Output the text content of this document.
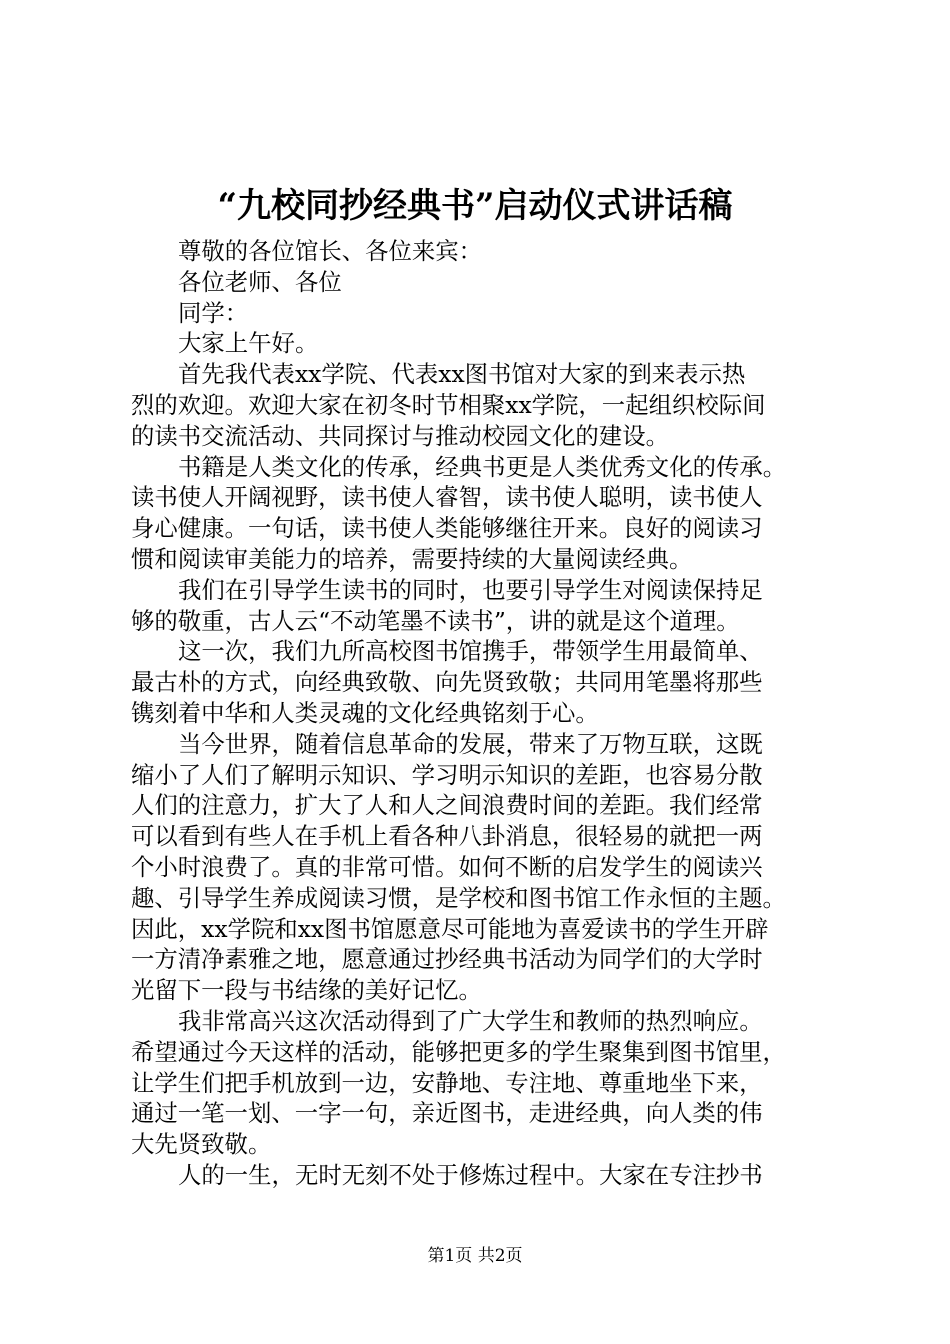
“九校同抄经典书”启动仪式讲话稿
尊敬的各位馆长、各位来宾：
各位老师、各位
同学：
大家上午好。
首先我代表xx学院、代表xx图书馆对大家的到来表示热
烈的欢迎。欢迎大家在初冬时节相聚xx学院，一起组织校际间
的读书交流活动、共同探讨与推动校园文化的建设。
书籍是人类文化的传承，经典书更是人类优秀文化的传承。
读书使人开阔视野，读书使人睿智，读书使人聪明，读书使人
身心健康。一句话，读书使人类能够继往开来。良好的阅读习
惯和阅读审美能力的培养，需要持续的大量阅读经典。
我们在引导学生读书的同时，也要引导学生对阅读保持足
够的敬重，古人云“不动笔墨不读书”，讲的就是这个道理。
这一次，我们九所高校图书馆携手，带领学生用最简单、
最古朴的方式，向经典致敬、向先贤致敬；共同用笔墨将那些
镌刻着中华和人类灵魂的文化经典铭刻于心。
当今世界，随着信息革命的发展，带来了万物互联，这既
缩小了人们了解明示知识、学习明示知识的差距，也容易分散
人们的注意力，扩大了人和人之间浪费时间的差距。我们经常
可以看到有些人在手机上看各种八卦消息，很轻易的就把一两
个小时浪费了。真的非常可惜。如何不断的启发学生的阅读兴
趣、引导学生养成阅读习惯，是学校和图书馆工作永恒的主题。
因此，xx学院和xx图书馆愿意尽可能地为喜爱读书的学生开辟
一方清净素雅之地，愿意通过抄经典书活动为同学们的大学时
光留下一段与书结缘的美好记忆。
我非常高兴这次活动得到了广大学生和教师的热烈响应。
希望通过今天这样的活动，能够把更多的学生聚集到图书馆里，
让学生们把手机放到一边，安静地、专注地、尊重地坐下来，
通过一笔一划、一字一句，亲近图书，走进经典，向人类的伟
大先贤致敬。
人的一生，无时无刻不处于修炼过程中。大家在专注抄书
第1页 共2页
